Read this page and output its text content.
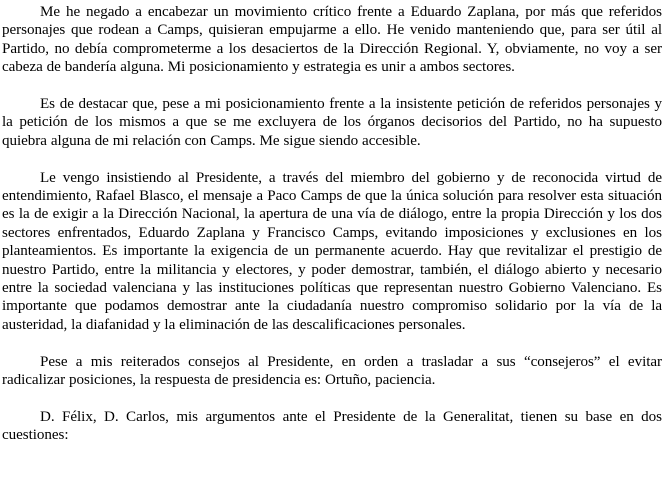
Me he negado a encabezar un movimiento crítico frente a Eduardo Zaplana, por más que referidos personajes que rodean a Camps, quisieran empujarme a ello. He venido manteniendo que, para ser útil al Partido, no debía comprometerme a los desaciertos de la Dirección Regional. Y, obviamente, no voy a ser cabeza de bandería alguna. Mi posicionamiento y estrategia es unir a ambos sectores.

Es de destacar que, pese a mi posicionamiento frente a la insistente petición de referidos personajes y la petición de los mismos a que se me excluyera de los órganos decisorios del Partido, no ha supuesto quiebra alguna de mi relación con Camps. Me sigue siendo accesible.

Le vengo insistiendo al Presidente, a través del miembro del gobierno y de reconocida virtud de entendimiento, Rafael Blasco, el mensaje a Paco Camps de que la única solución para resolver esta situación es la de exigir a la Dirección Nacional, la apertura de una vía de diálogo, entre la propia Dirección y los dos sectores enfrentados, Eduardo Zaplana y Francisco Camps, evitando imposiciones y exclusiones en los planteamientos. Es importante la exigencia de un permanente acuerdo. Hay que revitalizar el prestigio de nuestro Partido, entre la militancia y electores, y poder demostrar, también, el diálogo abierto y necesario entre la sociedad valenciana y las instituciones políticas que representan nuestro Gobierno Valenciano. Es importante que podamos demostrar ante la ciudadanía nuestro compromiso solidario por la vía de la austeridad, la diafanidad y la eliminación de las descalificaciones personales.

Pese a mis reiterados consejos al Presidente, en orden a trasladar a sus “consejeros” el evitar radicalizar posiciones, la respuesta de presidencia es: Ortuño, paciencia.

D. Félix, D. Carlos, mis argumentos ante el Presidente de la Generalitat, tienen su base en dos cuestiones:
